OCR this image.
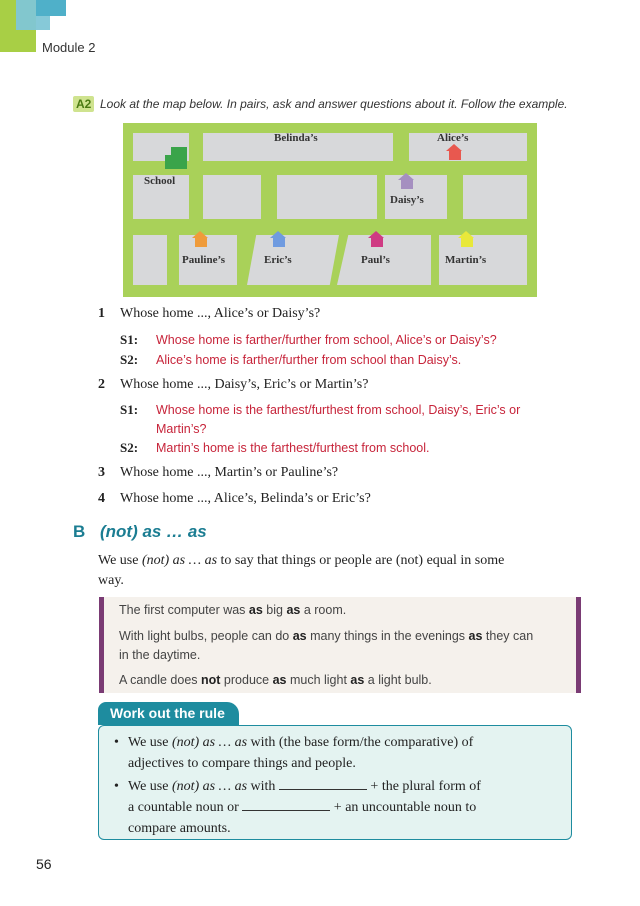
Module 2
A2 Look at the map below. In pairs, ask and answer questions about it. Follow the example.
Belinda’s	Alice’s
School
Daisy’s
Pauline’s	Eric’s	Paul’s	Martin’s
1 Whose home ..., Alice’s or Daisy’s?
S1: Whose home is farther/further from school, Alice’s or Daisy’s?
S2: Alice’s home is farther/further from school than Daisy’s.
2 Whose home ..., Daisy’s, Eric’s or Martin’s?
S1: Whose home is the farthest/furthest from school, Daisy’s, Eric’s or
Martin’s?
S2: Martin’s home is the farthest/furthest from school.
3 Whose home ..., Martin’s or Pauline’s?
4 Whose home ..., Alice’s, Belinda’s or Eric’s?
B (not) as … as
We use (not) as … as to say that things or people are (not) equal in some
way.
The first computer was as big as a room.
With light bulbs, people can do as many things in the evenings as they can
in the daytime.
A candle does not produce as much light as a light bulb.
Work out the rule
• We use (not) as … as with (the base form/the comparative) of
adjectives to compare things and people.
• We use (not) as … as with	+ the plural form of
a countable noun or	+ an uncountable noun to
compare amounts.
56
